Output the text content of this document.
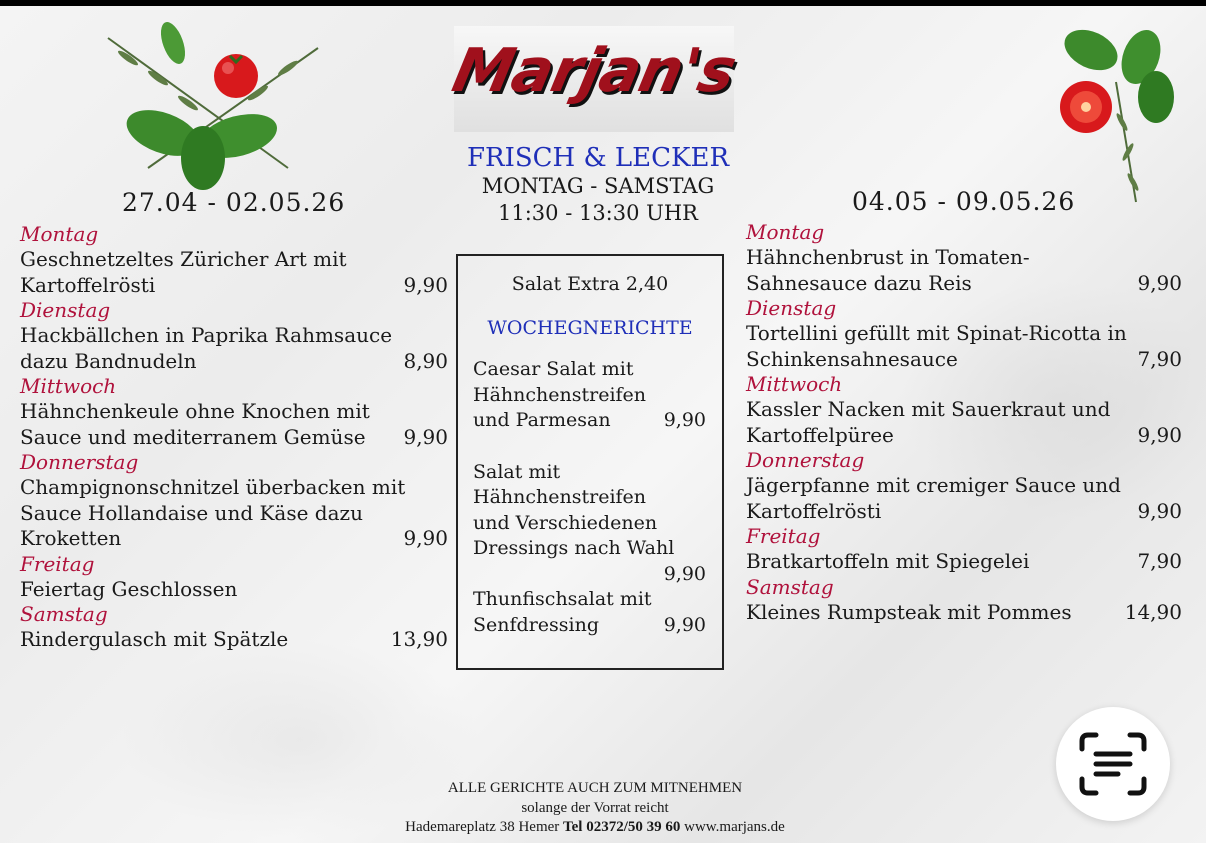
Marjan's
FRISCH & LECKER
MONTAG - SAMSTAG
11:30 - 13:30 UHR
27.04 - 02.05.26
Montag
Geschnetzeltes Züricher Art mit
Kartoffelrösti	9,90
Dienstag
Hackbällchen in Paprika Rahmsauce
dazu Bandnudeln	8,90
Mittwoch
Hähnchenkeule ohne Knochen mit
Sauce und mediterranem Gemüse 9,90
Donnerstag
Champignonschnitzel überbacken mit
Sauce Hollandaise und Käse dazu
Kroketten	9,90
Freitag
Feiertag Geschlossen
Samstag
Rindergulasch mit Spätzle	13,90
04.05 - 09.05.26
Montag
Hähnchenbrust in Tomaten-
Sahnesauce dazu Reis	9,90
Dienstag
Tortellini gefüllt mit Spinat-Ricotta in
Schinkensahnesauce	7,90
Mittwoch
Kassler Nacken mit Sauerkraut und
Kartoffelpüree	9,90
Donnerstag
Jägerpfanne mit cremiger Sauce und
Kartoffelrösti	9,90
Freitag
Bratkartoffeln mit Spiegelei	7,90
Samstag
Kleines Rumpsteak mit Pommes	14,90
Salat Extra 2,40
WOCHEGNERICHTE
Caesar Salat mit
Hähnchenstreifen
und Parmesan	9,90
Salat mit
Hähnchenstreifen
und Verschiedenen
Dressings nach Wahl
9,90
Thunfischsalat mit
Senfdressing	9,90
ALLE GERICHTE AUCH ZUM MITNEHMEN
solange der Vorrat reicht
Hademareplatz 38 Hemer Tel 02372/50 39 60 www.marjans.de
